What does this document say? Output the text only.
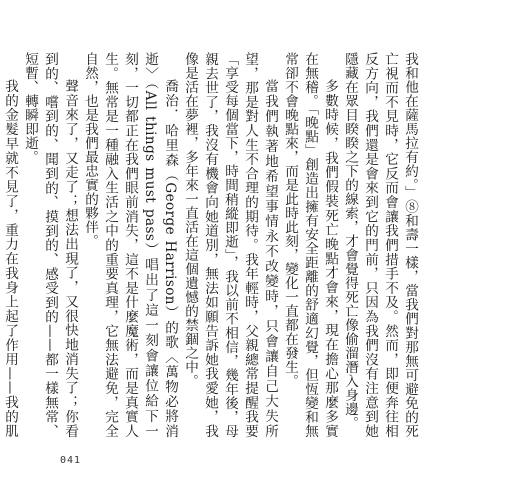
我和他在薩馬拉有約。」⑧和壽一樣，當我們對那無可避免的死亡視而不見時，它反而會讓我們措手不及。然而，即便奔往相反方向，我們還是會來到它的門前，只因為我們沒有注意到她隱藏在眾目睽睽之下的線索，才會覺得死亡像偷溜潛入身邊。

多數時候，我們假裝死亡晚點才會來，現在擔心那麼多實在無稽。「晚點」創造出擁有安全距離的舒適幻覺，但恆變和無常卻不會晚點來，而是此時此刻，變化一直都在發生。

當我們執著地希望事情永不改變時，只會讓自己大失所望，那是對人生不合理的期待。我年輕時，父親總常提醒我要「享受每個當下，時間稍縱即逝」，我以前不相信，幾年後，母親去世了，我沒有機會向她道別，無法如願告訴她我愛她，我像是活在夢裡，多年來一直活在這個遺憾的禁錮之中。

喬治．哈里森（George Harrison）的歌〈萬物必將消逝〉（All things must pass）唱出了這一刻會讓位給下一刻，一切都正在我們眼前消失，這不是什麼魔術，而是真實人生。無常是一種融入生活之中的重要真理，它無法避免，完全自然，也是我們最忠實的夥伴。

聲音來了，又走了；想法出現了，又很快地消失了；你看到的、嚐到的、聞到的、摸到的、感受到的——都一樣無常、短暫、轉瞬即逝。

我的金髮早就不見了，重力在我身上起了作用——我的肌

041
